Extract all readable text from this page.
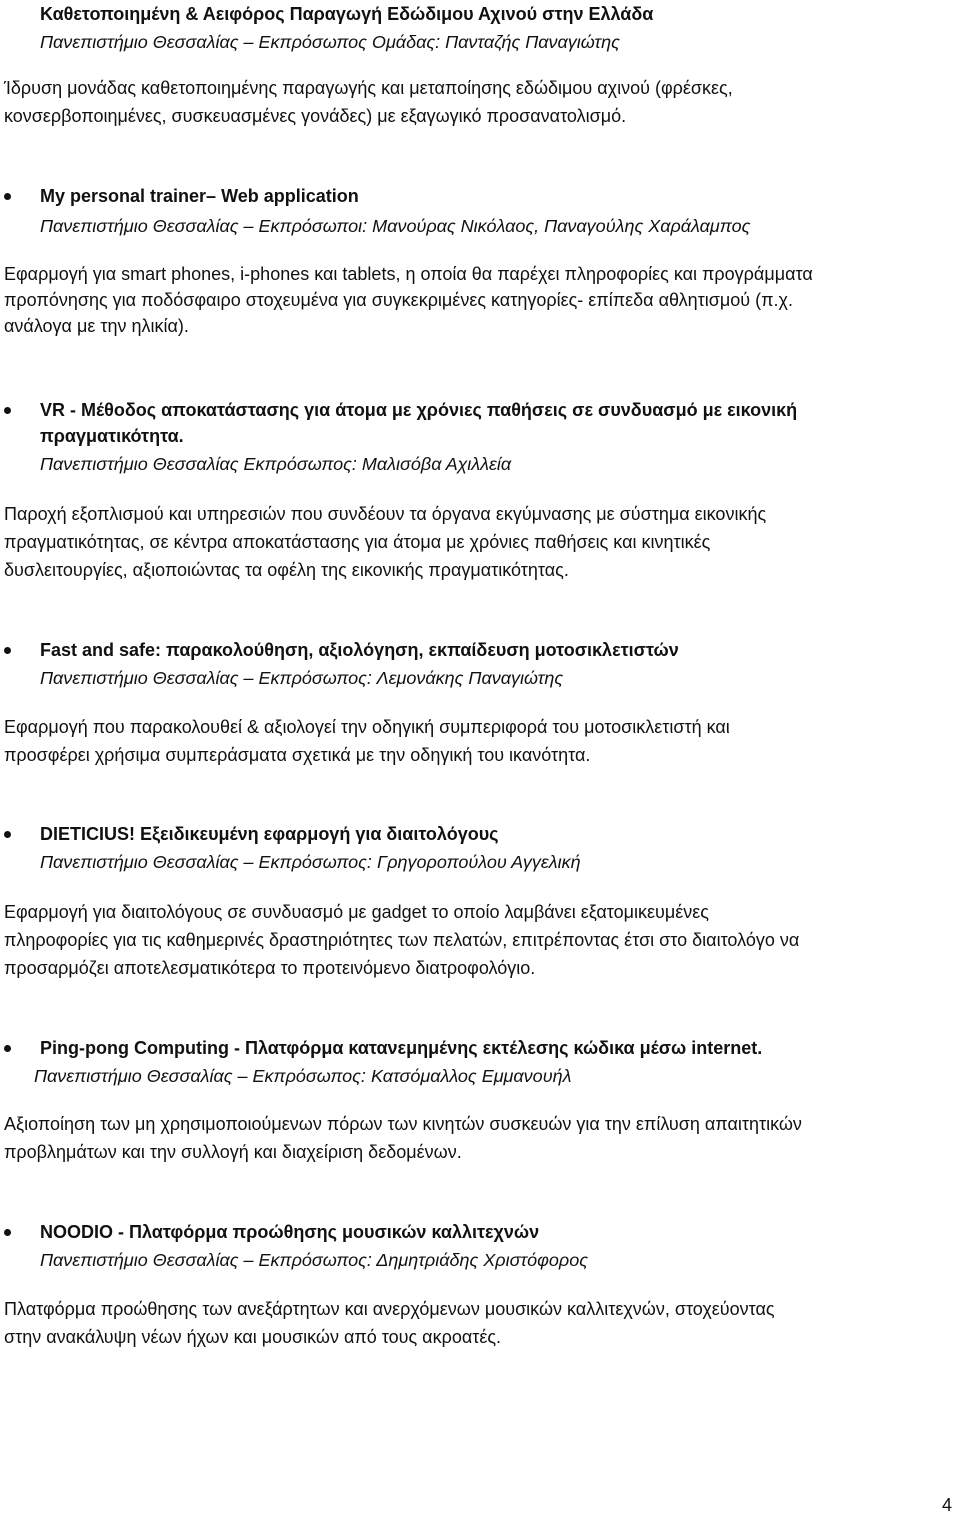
Καθετοποιημένη & Αειφόρος Παραγωγή Εδώδιμου Αχινού στην Ελλάδα
Πανεπιστήμιο Θεσσαλίας – Εκπρόσωπος Ομάδας: Πανταζής Παναγιώτης
Ίδρυση μονάδας καθετοποιημένης παραγωγής και μεταποίησης εδώδιμου αχινού (φρέσκες,
κονσερβοποιημένες, συσκευασμένες γονάδες) με εξαγωγικό προσανατολισμό.
My personal trainer– Web application
Πανεπιστήμιο Θεσσαλίας – Εκπρόσωποι: Μανούρας Νικόλαος, Παναγούλης Χαράλαμπος
Εφαρμογή για smart phones, i-phones και tablets, η οποία θα παρέχει πληροφορίες και προγράμματα
προπόνησης για ποδόσφαιρο στοχευμένα για συγκεκριμένες κατηγορίες- επίπεδα αθλητισμού (π.χ.
ανάλογα με την ηλικία).
VR - Μέθοδος αποκατάστασης για άτομα με χρόνιες παθήσεις σε συνδυασμό με εικονική
πραγματικότητα.
Πανεπιστήμιο Θεσσαλίας Εκπρόσωπος: Μαλισόβα Αχιλλεία
Παροχή εξοπλισμού και υπηρεσιών που συνδέουν τα όργανα εκγύμνασης με σύστημα εικονικής
πραγματικότητας, σε κέντρα αποκατάστασης για άτομα με χρόνιες παθήσεις και κινητικές
δυσλειτουργίες, αξιοποιώντας τα οφέλη της εικονικής πραγματικότητας.
Fast and safe: παρακολούθηση, αξιολόγηση, εκπαίδευση μοτοσικλετιστών
Πανεπιστήμιο Θεσσαλίας – Εκπρόσωπος: Λεμονάκης Παναγιώτης
Εφαρμογή που παρακολουθεί & αξιολογεί την οδηγική συμπεριφορά του μοτοσικλετιστή και
προσφέρει χρήσιμα συμπεράσματα σχετικά με την οδηγική του ικανότητα.
DIETICIUS! Εξειδικευμένη εφαρμογή για διαιτολόγους
Πανεπιστήμιο Θεσσαλίας – Εκπρόσωπος: Γρηγοροπούλου Αγγελική
Εφαρμογή για διαιτολόγους σε συνδυασμό με gadget το οποίο λαμβάνει εξατομικευμένες
πληροφορίες για τις καθημερινές δραστηριότητες των πελατών, επιτρέποντας έτσι στο διαιτολόγο να
προσαρμόζει αποτελεσματικότερα το προτεινόμενο διατροφολόγιο.
Ping-pong Computing - Πλατφόρμα κατανεμημένης εκτέλεσης κώδικα μέσω internet.
Πανεπιστήμιο Θεσσαλίας – Εκπρόσωπος: Κατσόμαλλος Εμμανουήλ
Αξιοποίηση των μη χρησιμοποιούμενων πόρων των κινητών συσκευών για την επίλυση απαιτητικών
προβλημάτων και την συλλογή και διαχείριση δεδομένων.
NOODIO - Πλατφόρμα προώθησης μουσικών καλλιτεχνών
Πανεπιστήμιο Θεσσαλίας – Εκπρόσωπος: Δημητριάδης Χριστόφορος
Πλατφόρμα προώθησης των ανεξάρτητων και ανερχόμενων μουσικών καλλιτεχνών, στοχεύοντας
στην ανακάλυψη νέων ήχων και μουσικών από τους ακροατές.
4
